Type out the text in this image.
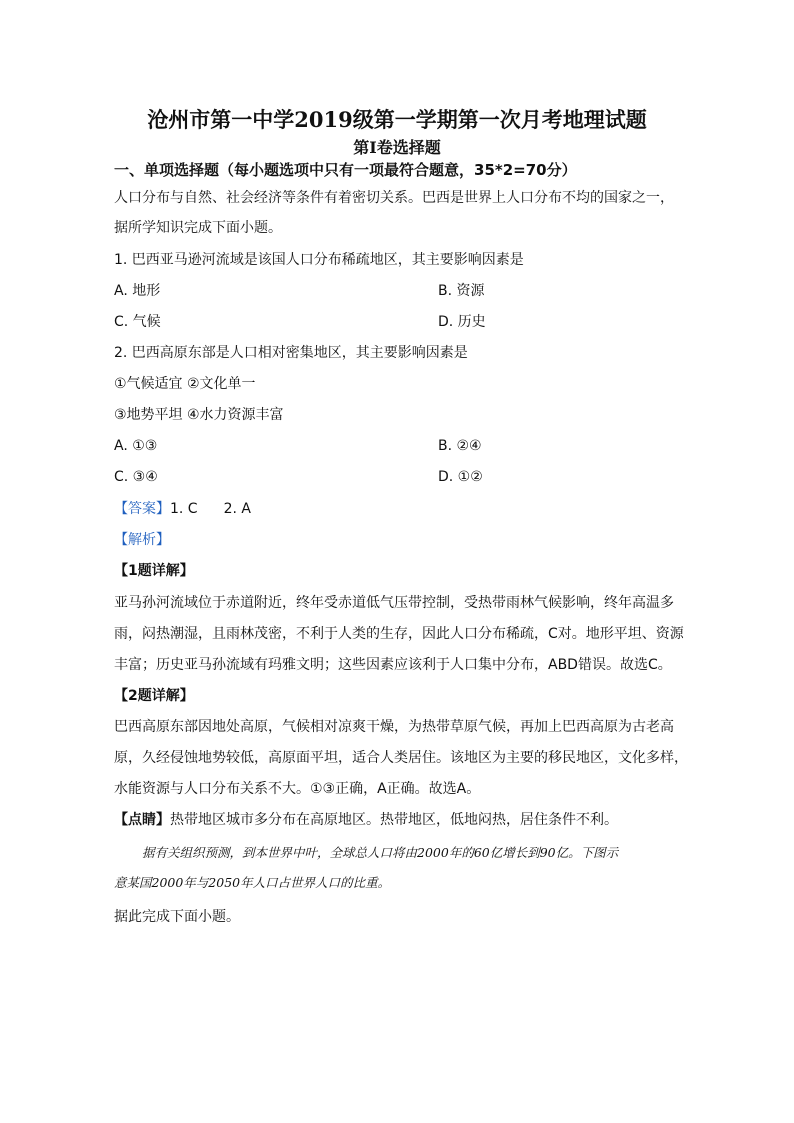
沧州市第一中学2019级第一学期第一次月考地理试题
第Ⅰ卷选择题
一、单项选择题（每小题选项中只有一项最符合题意，35*2=70分）
人口分布与自然、社会经济等条件有着密切关系。巴西是世界上人口分布不均的国家之一，
据所学知识完成下面小题。
1. 巴西亚马逊河流域是该国人口分布稀疏地区，其主要影响因素是
A. 地形	B. 资源
C. 气候	D. 历史
2. 巴西高原东部是人口相对密集地区，其主要影响因素是
①气候适宜 ②文化单一
③地势平坦 ④水力资源丰富
A. ①③	B. ②④
C. ③④	D. ①②
【答案】1. C 2. A
【解析】
【1题详解】
亚马孙河流域位于赤道附近，终年受赤道低气压带控制，受热带雨林气候影响，终年高温多
雨，闷热潮湿，且雨林茂密，不利于人类的生存，因此人口分布稀疏，C对。地形平坦、资源
丰富；历史亚马孙流域有玛雅文明；这些因素应该利于人口集中分布，ABD错误。故选C。
【2题详解】
巴西高原东部因地处高原，气候相对凉爽干燥，为热带草原气候，再加上巴西高原为古老高
原，久经侵蚀地势较低，高原面平坦，适合人类居住。该地区为主要的移民地区，文化多样，
水能资源与人口分布关系不大。①③正确，A正确。故选A。
【点睛】热带地区城市多分布在高原地区。热带地区，低地闷热，居住条件不利。
据有关组织预测，到本世界中叶，全球总人口将由2000年的60亿增长到90亿。下图示
意某国2000年与2050年人口占世界人口的比重。
据此完成下面小题。
